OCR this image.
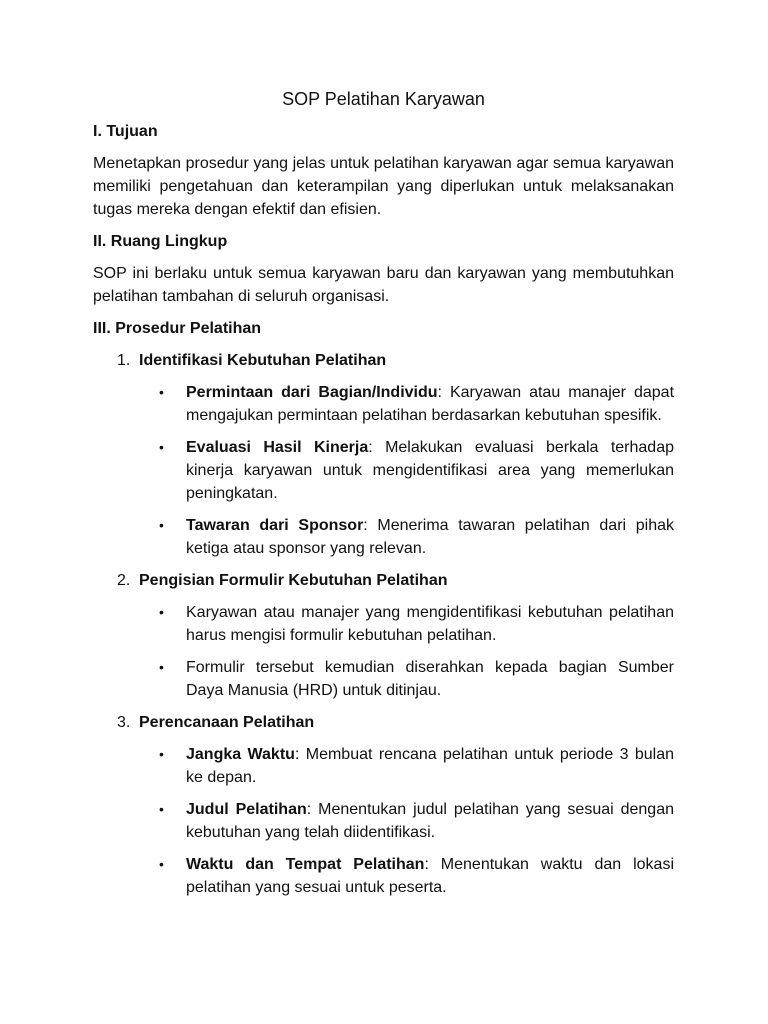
SOP Pelatihan Karyawan
I. Tujuan

Menetapkan prosedur yang jelas untuk pelatihan karyawan agar semua karyawan memiliki pengetahuan dan keterampilan yang diperlukan untuk melaksanakan tugas mereka dengan efektif dan efisien.

II. Ruang Lingkup

SOP ini berlaku untuk semua karyawan baru dan karyawan yang membutuhkan pelatihan tambahan di seluruh organisasi.

III. Prosedur Pelatihan
1. Identifikasi Kebutuhan Pelatihan
•	Permintaan dari Bagian/Individu: Karyawan atau manajer dapat mengajukan permintaan pelatihan berdasarkan kebutuhan spesifik.
•	Evaluasi Hasil Kinerja: Melakukan evaluasi berkala terhadap kinerja karyawan untuk mengidentifikasi area yang memerlukan peningkatan.
•	Tawaran dari Sponsor: Menerima tawaran pelatihan dari pihak ketiga atau sponsor yang relevan.
2. Pengisian Formulir Kebutuhan Pelatihan
•	Karyawan atau manajer yang mengidentifikasi kebutuhan pelatihan harus mengisi formulir kebutuhan pelatihan.
•	Formulir tersebut kemudian diserahkan kepada bagian Sumber Daya Manusia (HRD) untuk ditinjau.
3. Perencanaan Pelatihan
•	Jangka Waktu: Membuat rencana pelatihan untuk periode 3 bulan ke depan.
•	Judul Pelatihan: Menentukan judul pelatihan yang sesuai dengan kebutuhan yang telah diidentifikasi.
•	Waktu dan Tempat Pelatihan: Menentukan waktu dan lokasi pelatihan yang sesuai untuk peserta.
